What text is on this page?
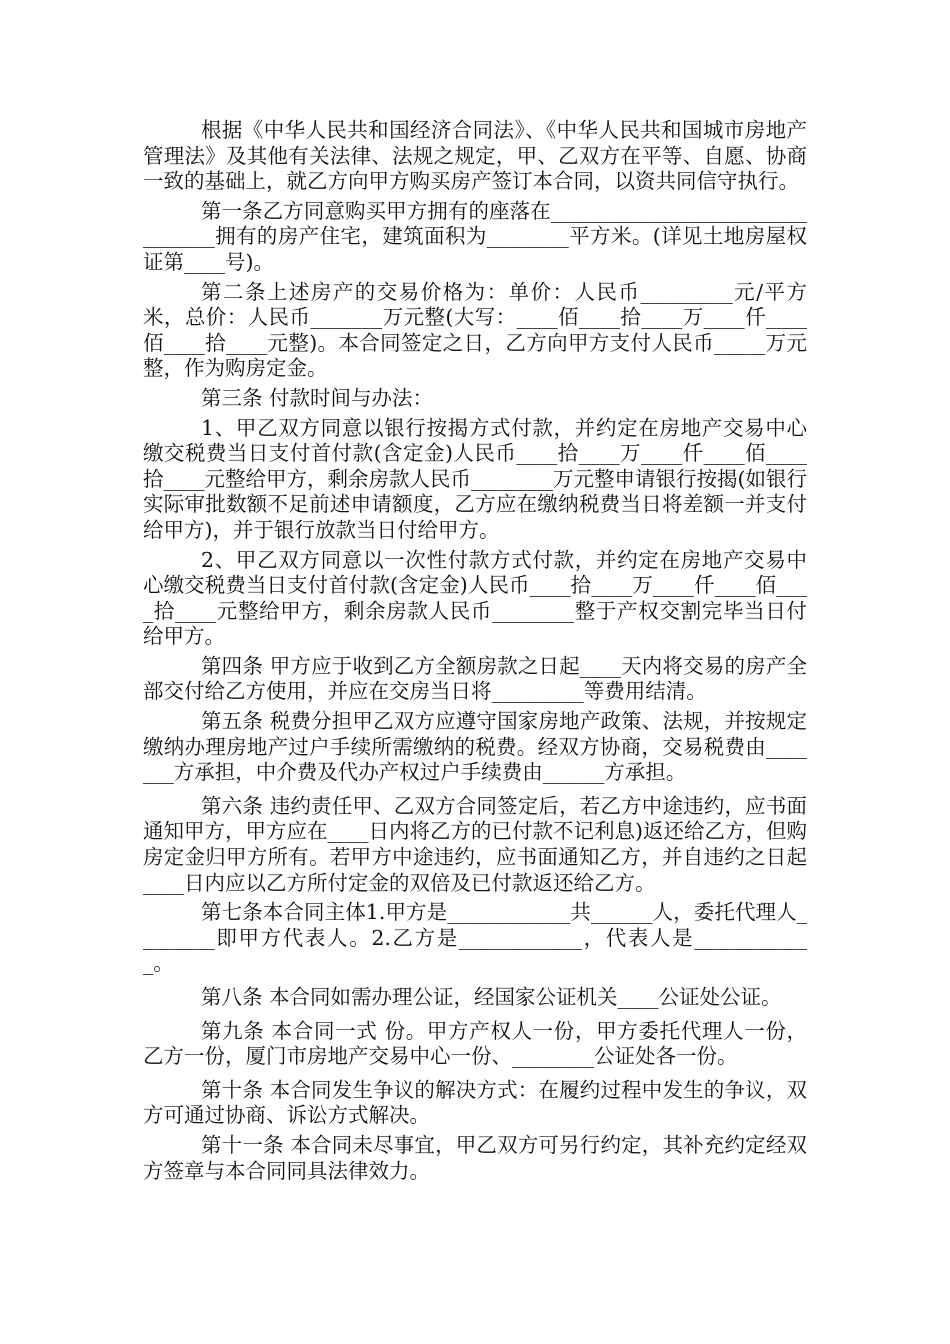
根据《中华人民共和国经济合同法》、《中华人民共和国城市房地产管理法》及其他有关法律、法规之规定，甲、乙双方在平等、自愿、协商一致的基础上，就乙方向甲方购买房产签订本合同，以资共同信守执行。

第一条乙方同意购买甲方拥有的座落在________________________________拥有的房产住宅，建筑面积为________平方米。(详见土地房屋权证第____号)。

第二条上述房产的交易价格为：单价：人民币_________元/平方米，总价：人民币_______万元整(大写：____佰____拾____万____仟____佰____拾____元整)。本合同签定之日，乙方向甲方支付人民币_____万元整，作为购房定金。

第三条 付款时间与办法：

1、甲乙双方同意以银行按揭方式付款，并约定在房地产交易中心缴交税费当日支付首付款(含定金)人民币____拾____万____仟____佰____拾____元整给甲方，剩余房款人民币________万元整申请银行按揭(如银行实际审批数额不足前述申请额度，乙方应在缴纳税费当日将差额一并支付给甲方)，并于银行放款当日付给甲方。

2、甲乙双方同意以一次性付款方式付款，并约定在房地产交易中心缴交税费当日支付首付款(含定金)人民币____拾____万____仟____佰____拾____元整给甲方，剩余房款人民币________整于产权交割完毕当日付给甲方。

第四条 甲方应于收到乙方全额房款之日起____天内将交易的房产全部交付给乙方使用，并应在交房当日将_________等费用结清。

第五条 税费分担甲乙双方应遵守国家房地产政策、法规，并按规定缴纳办理房地产过户手续所需缴纳的税费。经双方协商，交易税费由_______方承担，中介费及代办产权过户手续费由______方承担。

第六条 违约责任甲、乙双方合同签定后，若乙方中途违约，应书面通知甲方，甲方应在____日内将乙方的已付款不记利息)返还给乙方，但购房定金归甲方所有。若甲方中途违约，应书面通知乙方，并自违约之日起____日内应以乙方所付定金的双倍及已付款返还给乙方。

第七条本合同主体1.甲方是____________共______人，委托代理人________即甲方代表人。2.乙方是____________，代表人是____________。

第八条 本合同如需办理公证，经国家公证机关____公证处公证。

第九条 本合同一式 份。甲方产权人一份，甲方委托代理人一份，乙方一份，厦门市房地产交易中心一份、________公证处各一份。

第十条 本合同发生争议的解决方式：在履约过程中发生的争议，双方可通过协商、诉讼方式解决。

第十一条 本合同未尽事宜，甲乙双方可另行约定，其补充约定经双方签章与本合同同具法律效力。
